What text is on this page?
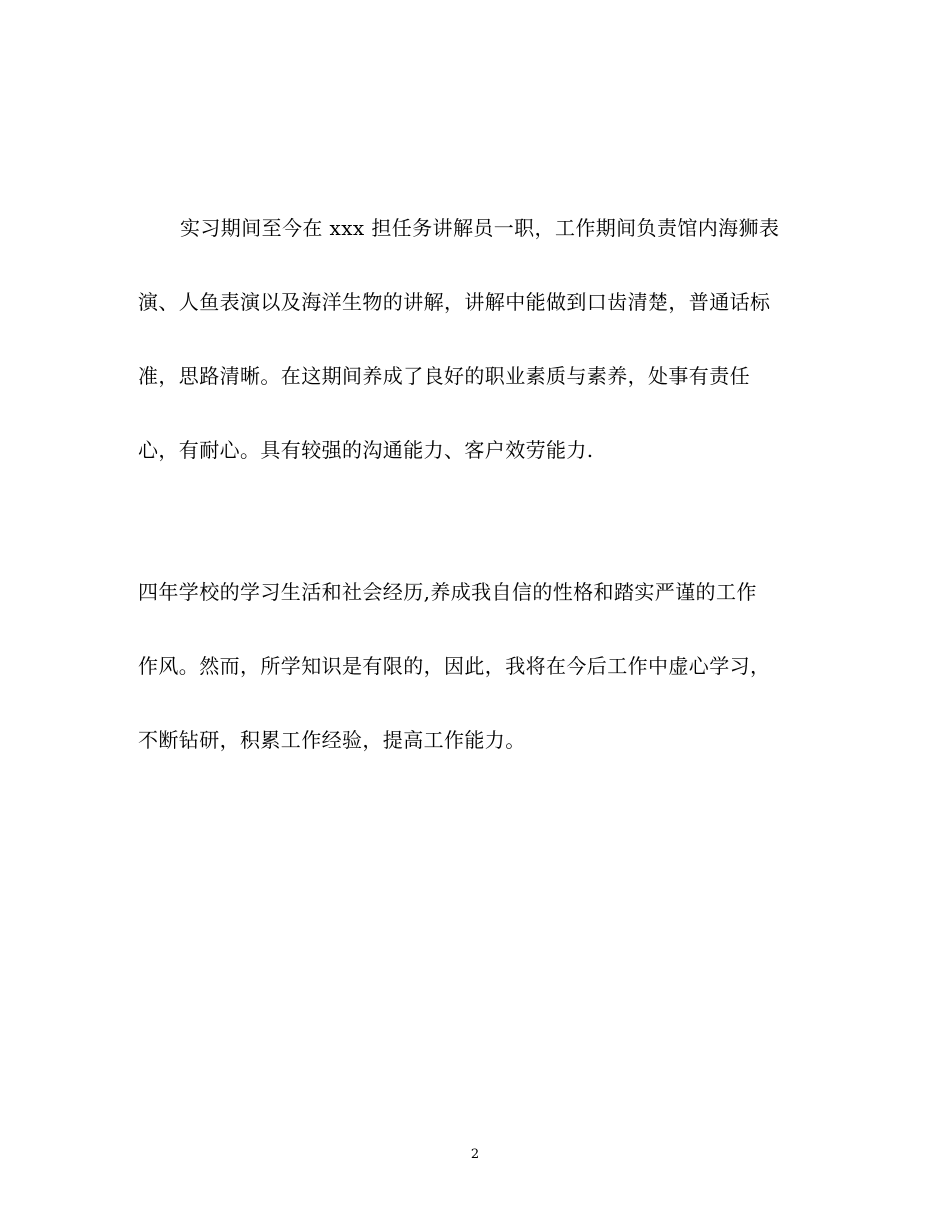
实习期间至今在 xxx 担任务讲解员一职，工作期间负责馆内海狮表
演、人鱼表演以及海洋生物的讲解，讲解中能做到口齿清楚，普通话标
准，思路清晰。在这期间养成了良好的职业素质与素养，处事有责任
心，有耐心。具有较强的沟通能力、客户效劳能力.
四年学校的学习生活和社会经历,养成我自信的性格和踏实严谨的工作
作风。然而，所学知识是有限的，因此，我将在今后工作中虚心学习，
不断钻研，积累工作经验，提高工作能力。
2
